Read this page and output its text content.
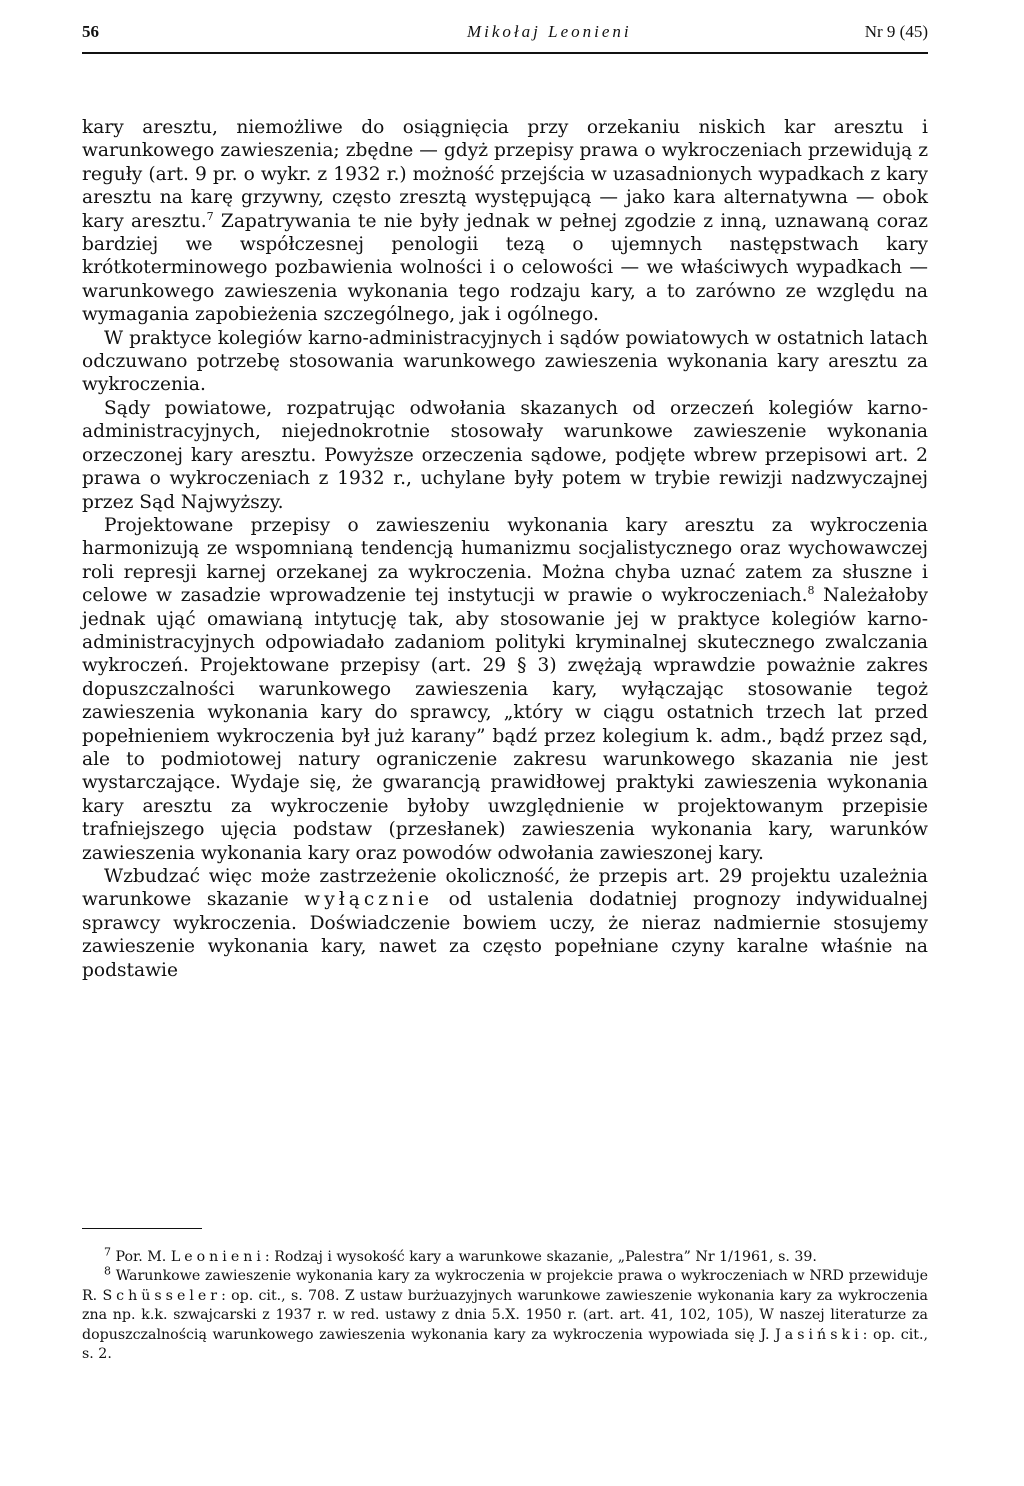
56	Mikołaj Leonieni	Nr 9 (45)

kary aresztu, niemożliwe do osiągnięcia przy orzekaniu niskich kar aresztu i warunkowego zawieszenia; zbędne — gdyż przepisy prawa o wykroczeniach przewidują z reguły (art. 9 pr. o wykr. z 1932 r.) możność przejścia w uzasadnionych wypadkach z kary aresztu na karę grzywny, często zresztą występującą — jako kara alternatywna — obok kary aresztu.$^7$ Zapatrywania te nie były jednak w pełnej zgodzie z inną, uznawaną coraz bardziej we współczesnej penologii tezą o ujemnych następstwach kary krótkoterminowego pozbawienia wolności i o celowości — we właściwych wypadkach — warunkowego zawieszenia wykonania tego rodzaju kary, a to zarówno ze względu na wymagania zapobieżenia szczególnego, jak i ogólnego.

W praktyce kolegiów karno-administracyjnych i sądów powiatowych w ostatnich latach odczuwano potrzebę stosowania warunkowego zawieszenia wykonania kary aresztu za wykroczenia.

Sądy powiatowe, rozpatrując odwołania skazanych od orzeczeń kolegiów karno-administracyjnych, niejednokrotnie stosowały warunkowe zawieszenie wykonania orzeczonej kary aresztu. Powyższe orzeczenia sądowe, podjęte wbrew przepisowi art. 2 prawa o wykroczeniach z 1932 r., uchylane były potem w trybie rewizji nadzwyczajnej przez Sąd Najwyższy.

Projektowane przepisy o zawieszeniu wykonania kary aresztu za wykroczenia harmonizują ze wspomnianą tendencją humanizmu socjalistycznego oraz wychowawczej roli represji karnej orzekanej za wykroczenia. Można chyba uznać zatem za słuszne i celowe w zasadzie wprowadzenie tej instytucji w prawie o wykroczeniach.$^8$ Należałoby jednak ująć omawianą intytucję tak, aby stosowanie jej w praktyce kolegiów karno-administracyjnych odpowiadało zadaniom polityki kryminalnej skutecznego zwalczania wykroczeń. Projektowane przepisy (art. 29 § 3) zwężają wprawdzie poważnie zakres dopuszczalności warunkowego zawieszenia kary, wyłączając stosowanie tegoż zawieszenia wykonania kary do sprawcy, „który w ciągu ostatnich trzech lat przed popełnieniem wykroczenia był już karany” bądź przez kolegium k. adm., bądź przez sąd, ale to podmiotowej natury ograniczenie zakresu warunkowego skazania nie jest wystarczające. Wydaje się, że gwarancją prawidłowej praktyki zawieszenia wykonania kary aresztu za wykroczenie byłoby uwzględnienie w projektowanym przepisie trafniejszego ujęcia podstaw (przesłanek) zawieszenia wykonania kary, warunków zawieszenia wykonania kary oraz powodów odwołania zawieszonej kary.

Wzbudzać więc może zastrzeżenie okoliczność, że przepis art. 29 projektu uzależnia warunkowe skazanie wyłącznie od ustalenia dodatniej prognozy indywidualnej sprawcy wykroczenia. Doświadczenie bowiem uczy, że nieraz nadmiernie stosujemy zawieszenie wykonania kary, nawet za często popełniane czyny karalne właśnie na podstawie

$^7$ Por. M. Leonieni: Rodzaj i wysokość kary a warunkowe skazanie, „Palestra” Nr 1/1961, s. 39.

$^8$ Warunkowe zawieszenie wykonania kary za wykroczenia w projekcie prawa o wykroczeniach w NRD przewiduje R. Schüsseler: op. cit., s. 708. Z ustaw burżuazyjnych warunkowe zawieszenie wykonania kary za wykroczenia zna np. k.k. szwajcarski z 1937 r. w red. ustawy z dnia 5.X. 1950 r. (art. art. 41, 102, 105), W naszej literaturze za dopuszczalnością warunkowego zawieszenia wykonania kary za wykroczenia wypowiada się J. Jasiński: op. cit., s. 2.
